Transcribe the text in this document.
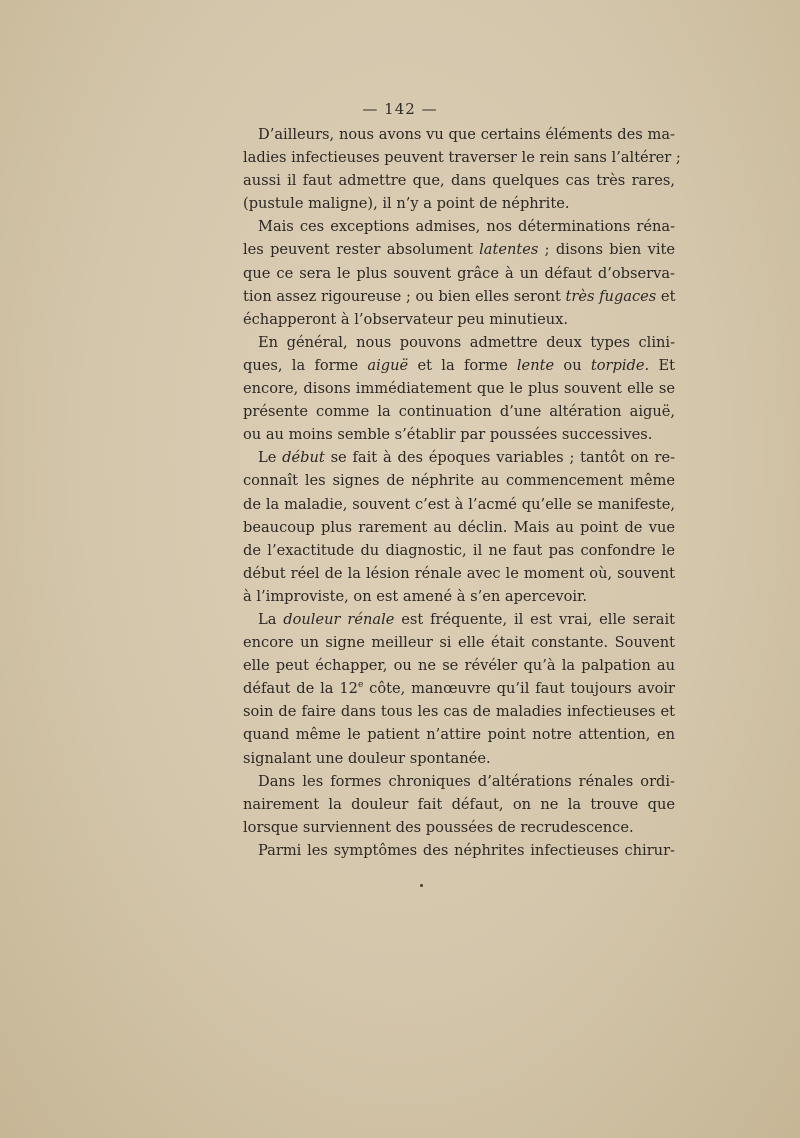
— 142 —
D’ailleurs, nous avons vu que certains éléments des ma-
ladies infectieuses peuvent traverser le rein sans l’altérer ;
aussi il faut admettre que, dans quelques cas très rares,
(pustule maligne), il n’y a point de néphrite.
Mais ces exceptions admises, nos déterminations réna-
les peuvent rester absolument latentes ; disons bien vite
que ce sera le plus souvent grâce à un défaut d’observa-
tion assez rigoureuse ; ou bien elles seront très fugaces et
échapperont à l’observateur peu minutieux.
En général, nous pouvons admettre deux types clini-
ques, la forme aiguë et la forme lente ou torpide. Et
encore, disons immédiatement que le plus souvent elle se
présente comme la continuation d’une altération aiguë,
ou au moins semble s’établir par poussées successives.
Le début se fait à des époques variables ; tantôt on re-
connaît les signes de néphrite au commencement même
de la maladie, souvent c’est à l’acmé qu’elle se manifeste,
beaucoup plus rarement au déclin. Mais au point de vue
de l’exactitude du diagnostic, il ne faut pas confondre le
début réel de la lésion rénale avec le moment où, souvent
à l’improviste, on est amené à s’en apercevoir.
La douleur rénale est fréquente, il est vrai, elle serait
encore un signe meilleur si elle était constante. Souvent
elle peut échapper, ou ne se révéler qu’à la palpation au
défaut de la 12e côte, manœuvre qu’il faut toujours avoir
soin de faire dans tous les cas de maladies infectieuses et
quand même le patient n’attire point notre attention, en
signalant une douleur spontanée.
Dans les formes chroniques d’altérations rénales ordi-
nairement la douleur fait défaut, on ne la trouve que
lorsque surviennent des poussées de recrudescence.
Parmi les symptômes des néphrites infectieuses chirur-
